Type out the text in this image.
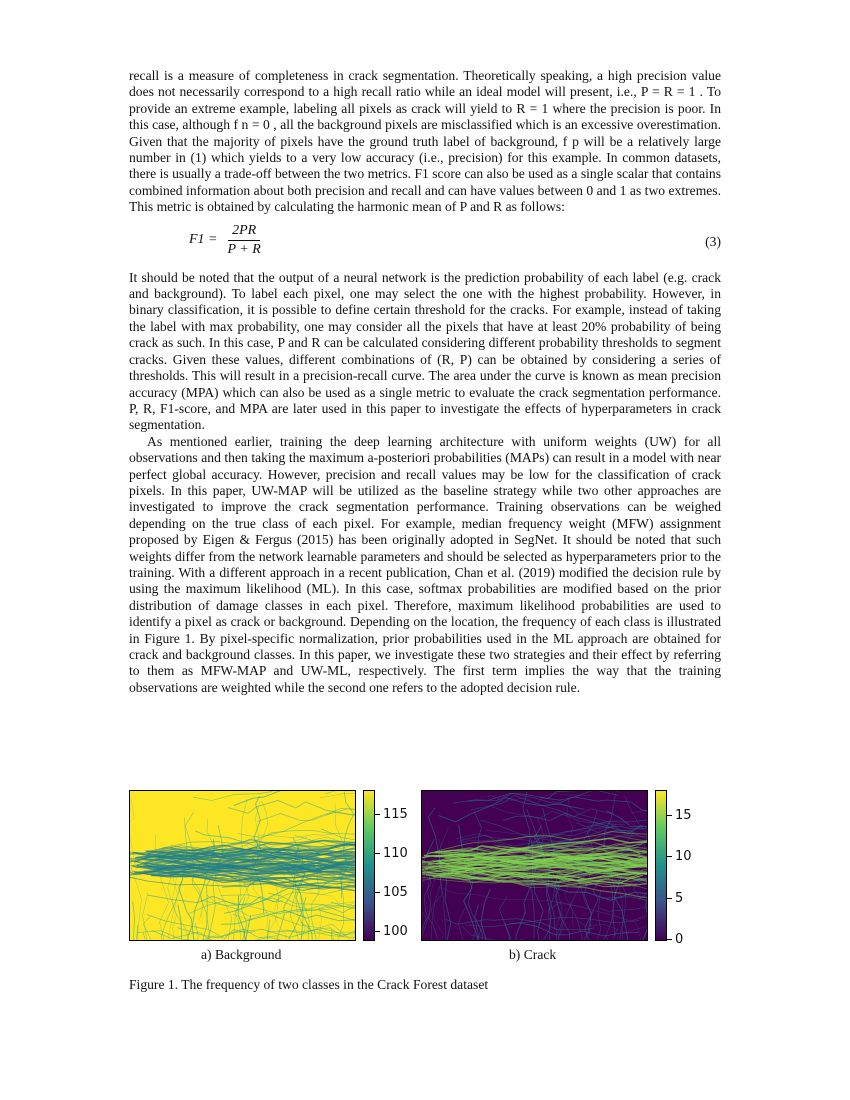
recall is a measure of completeness in crack segmentation. Theoretically speaking, a high precision value does not necessarily correspond to a high recall ratio while an ideal model will present, i.e., P = R = 1 . To provide an extreme example, labeling all pixels as crack will yield to R = 1 where the precision is poor. In this case, although f n = 0 , all the background pixels are misclassified which is an excessive overestimation. Given that the majority of pixels have the ground truth label of background, f p will be a relatively large number in (1) which yields to a very low accuracy (i.e., precision) for this example. In common datasets, there is usually a trade-off between the two metrics. F1 score can also be used as a single scalar that contains combined information about both precision and recall and can have values between 0 and 1 as two extremes. This metric is obtained by calculating the harmonic mean of P and R as follows:

$F1 = \frac{2PR}{P + R}$	(3)

It should be noted that the output of a neural network is the prediction probability of each label (e.g. crack and background). To label each pixel, one may select the one with the highest probability. However, in binary classification, it is possible to define certain threshold for the cracks. For example, instead of taking the label with max probability, one may consider all the pixels that have at least 20% probability of being crack as such. In this case, P and R can be calculated considering different probability thresholds to segment cracks. Given these values, different combinations of (R, P) can be obtained by considering a series of thresholds. This will result in a precision-recall curve. The area under the curve is known as mean precision accuracy (MPA) which can also be used as a single metric to evaluate the crack segmentation performance. P, R, F1-score, and MPA are later used in this paper to investigate the effects of hyperparameters in crack segmentation.

As mentioned earlier, training the deep learning architecture with uniform weights (UW) for all observations and then taking the maximum a-posteriori probabilities (MAPs) can result in a model with near perfect global accuracy. However, precision and recall values may be low for the classification of crack pixels. In this paper, UW-MAP will be utilized as the baseline strategy while two other approaches are investigated to improve the crack segmentation performance. Training observations can be weighed depending on the true class of each pixel. For example, median frequency weight (MFW) assignment proposed by Eigen & Fergus (2015) has been originally adopted in SegNet. It should be noted that such weights differ from the network learnable parameters and should be selected as hyperparameters prior to the training. With a different approach in a recent publication, Chan et al. (2019) modified the decision rule by using the maximum likelihood (ML). In this case, softmax probabilities are modified based on the prior distribution of damage classes in each pixel. Therefore, maximum likelihood probabilities are used to identify a pixel as crack or background. Depending on the location, the frequency of each class is illustrated in Figure 1. By pixel-specific normalization, prior probabilities used in the ML approach are obtained for crack and background classes. In this paper, we investigate these two strategies and their effect by referring to them as MFW-MAP and UW-ML, respectively. The first term implies the way that the training observations are weighted while the second one refers to the adopted decision rule.

115
110
105
100
a) Background
15
10
5
0
b) Crack
Figure 1. The frequency of two classes in the Crack Forest dataset
